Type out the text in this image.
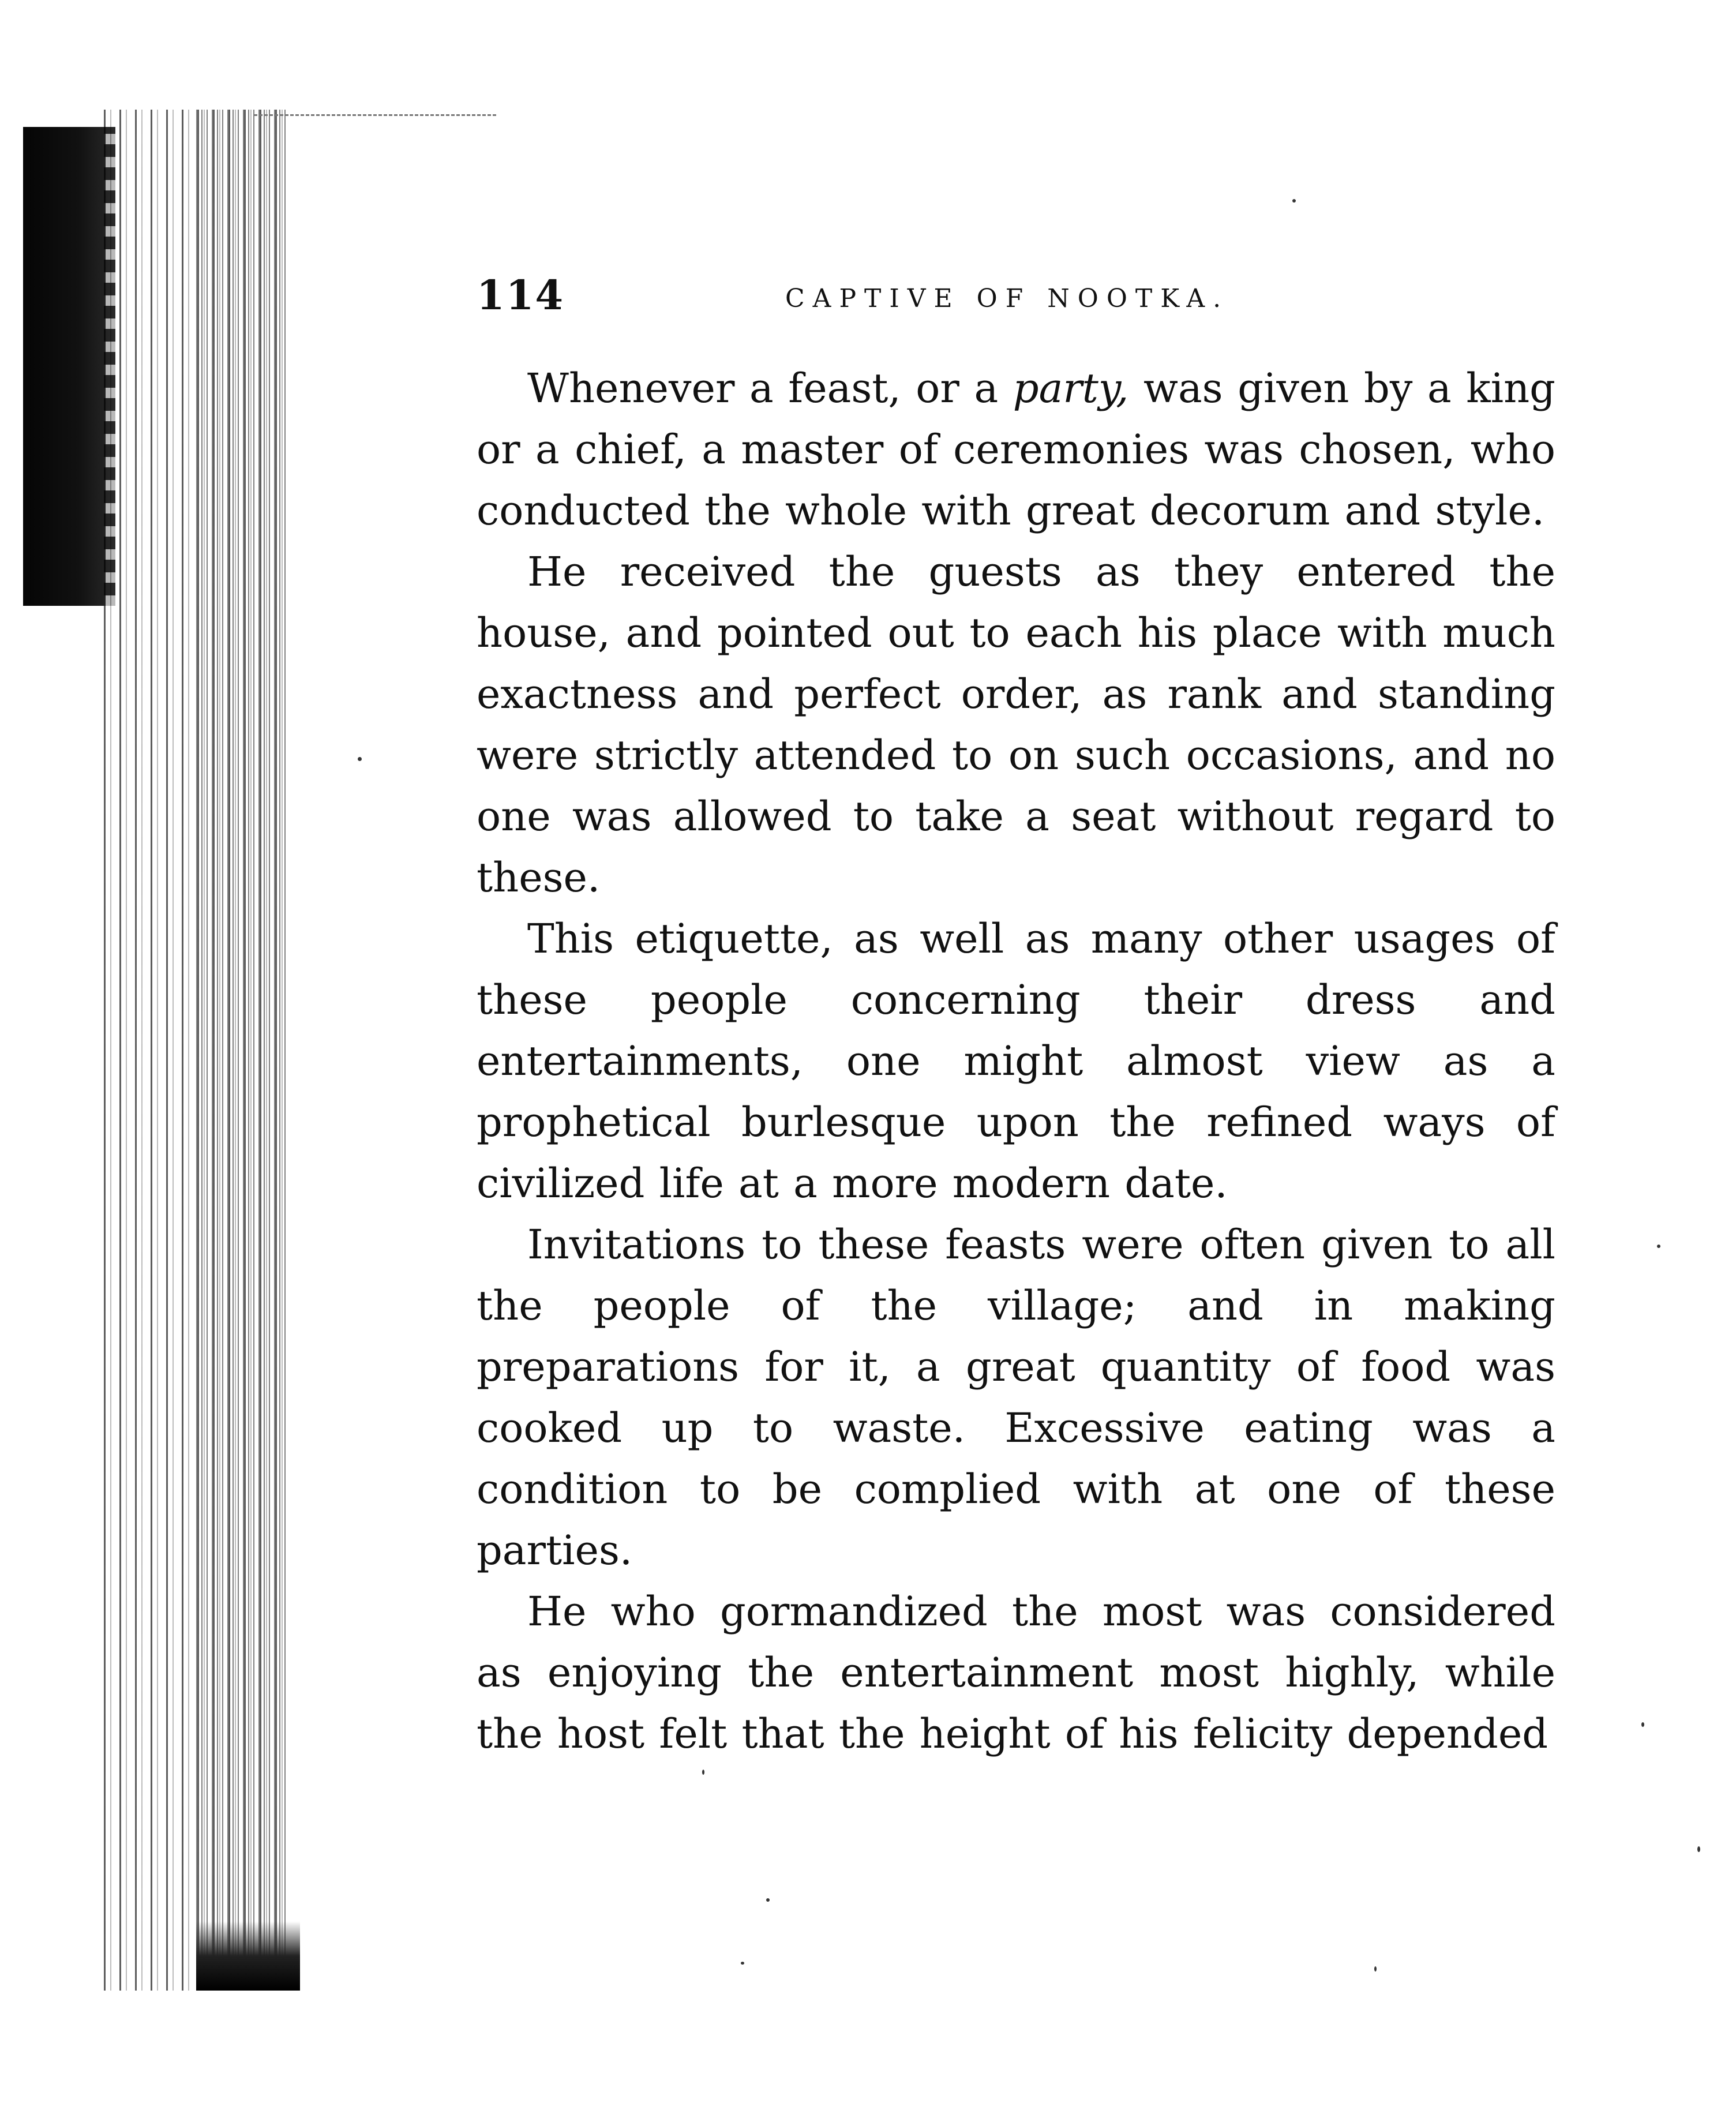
114	CAPTIVE OF NOOTKA.

Whenever a feast, or a party, was given by a king or a chief, a master of ceremonies was chosen, who conducted the whole with great decorum and style.

He received the guests as they entered the house, and pointed out to each his place with much exactness and perfect order, as rank and standing were strictly attended to on such occasions, and no one was allowed to take a seat without regard to these.

This etiquette, as well as many other usages of these people concerning their dress and entertainments, one might almost view as a prophetical burlesque upon the refined ways of civilized life at a more modern date.

Invitations to these feasts were often given to all the people of the village; and in making preparations for it, a great quantity of food was cooked up to waste. Excessive eating was a condition to be complied with at one of these parties.

He who gormandized the most was considered as enjoying the entertainment most highly, while the host felt that the height of his felicity depended
